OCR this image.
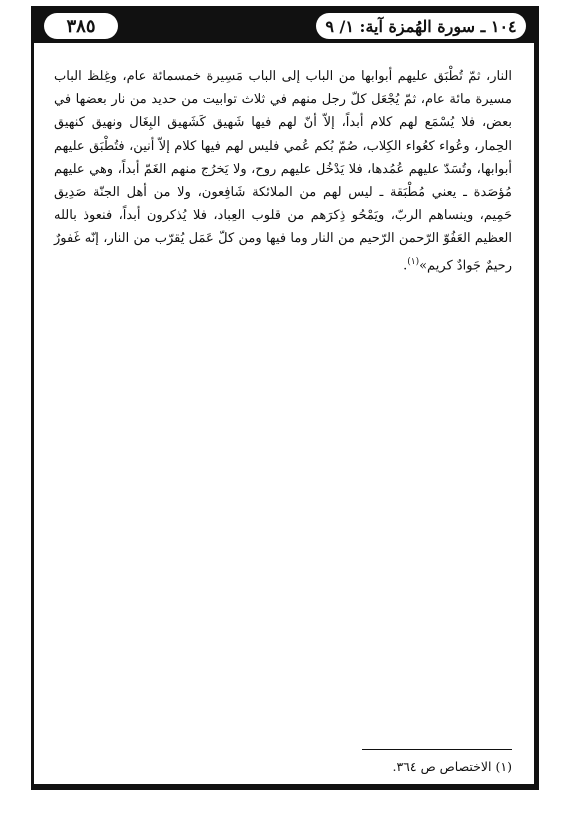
٣٨٥	١٠٤ ـ سورة الهُمزة آية: ١/ ٩

النار، ثمّ تُطْبَق عليهم أبوابها من الباب إلى الباب مَسِيرة خمسمائة عام، وغِلظ الباب مسيرة مائة عام، ثمّ يُجْعَل كلّ رجل منهم في ثلاث توابيت من حديد من نار بعضها في بعض، فلا يُسْمَع لهم كلام أبداً، إلاّ أنّ لهم فيها شَهيق كَشَهيق البِغَال ونهيق كنهيق الحِمار، وعُواء كعُواء الكِلاب، صُمّ بُكم عُمي فليس لهم فيها كلام إلاّ أنين، فتُطْبَق عليهم أبوابها، وتُسَدّ عليهم عُمُدها، فلا يَدْخُل عليهم روح، ولا يَخرُج منهم الغَمّ أبداً، وهي عليهم مُؤصَدة ـ يعني مُطْبَقة ـ ليس لهم من الملائكة شَافِعون، ولا من أهل الجنّة صَدِيق حَمِيم، وينساهم الربّ، ويَمْحُو ذِكرَهم من قلوب العِباد، فلا يُذكرون أبداً، فنعوذ بالله العظيم العَفُوّ الرّحمن الرّحيم من النار وما فيها ومن كلّ عَمَل يُقرّب من النار، إنّه غَفورٌ رحيمٌ جَوادٌ كريم»$^{(١)}$.

(١) الاختصاص ص ٣٦٤.
